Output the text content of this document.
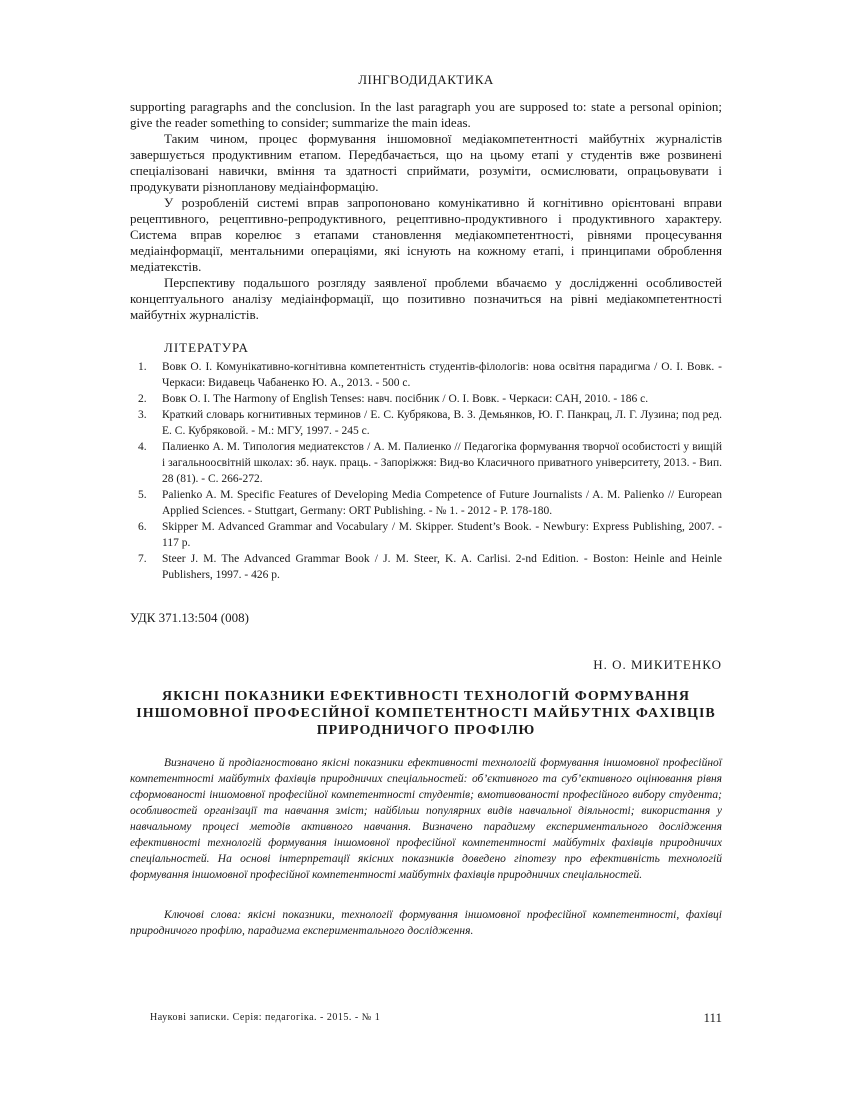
ЛІНГВОДИДАКТИКА

supporting paragraphs and the conclusion. In the last paragraph you are supposed to: state a personal opinion; give the reader something to consider; summarize the main ideas.

Таким чином, процес формування іншомовної медіакомпетентності майбутніх журналістів завершується продуктивним етапом. Передбачається, що на цьому етапі у студентів вже розвинені спеціалізовані навички, вміння та здатності сприймати, розуміти, осмислювати, опрацьовувати і продукувати різнопланову медіаінформацію.

У розробленій системі вправ запропоновано комунікативно й когнітивно орієнтовані вправи рецептивного, рецептивно-репродуктивного, рецептивно-продуктивного і продуктивного характеру. Система вправ корелює з етапами становлення медіакомпетентності, рівнями процесування медіаінформації, ментальними операціями, які існують на кожному етапі, і принципами оброблення медіатекстів.

Перспективу подальшого розгляду заявленої проблеми вбачаємо у дослідженні особливостей концептуального аналізу медіаінформації, що позитивно позначиться на рівні медіакомпетентності майбутніх журналістів.

ЛІТЕРАТУРА
1. Вовк О. І. Комунікативно-когнітивна компетентність студентів-філологів: нова освітня парадигма / О. І. Вовк. - Черкаси: Видавець Чабаненко Ю. А., 2013. - 500 с.
2. Вовк О. І. The Harmony of English Tenses: навч. посібник / О. І. Вовк. - Черкаси: САН, 2010. - 186 с.
3. Краткий словарь когнитивных терминов / Е. С. Кубрякова, В. З. Демьянков, Ю. Г. Панкрац, Л. Г. Лузина; под ред. Е. С. Кубряковой. - М.: МГУ, 1997. - 245 с.
4. Палиенко А. М. Типология медиатекстов / А. М. Палиенко // Педагогіка формування творчої особистості у вищій і загальноосвітній школах: зб. наук. праць. - Запоріжжя: Вид-во Класичного приватного університету, 2013. - Вип. 28 (81). - С. 266-272.
5. Palienko A. M. Specific Features of Developing Media Competence of Future Journalists / A. M. Palienko // European Applied Sciences. - Stuttgart, Germany: ORT Publishing. - № 1. - 2012 - P. 178-180.
6. Skipper M. Advanced Grammar and Vocabulary / M. Skipper. Student’s Book. - Newbury: Express Publishing, 2007. - 117 p.
7. Steer J. M. The Advanced Grammar Book / J. M. Steer, K. A. Carlisi. 2-nd Edition. - Boston: Heinle and Heinle Publishers, 1997. - 426 p.
УДК 371.13:504 (008)
Н. О. МИКИТЕНКО
ЯКІСНІ ПОКАЗНИКИ ЕФЕКТИВНОСТІ ТЕХНОЛОГІЙ ФОРМУВАННЯ ІНШОМОВНОЇ ПРОФЕСІЙНОЇ КОМПЕТЕНТНОСТІ МАЙБУТНІХ ФАХІВЦІВ ПРИРОДНИЧОГО ПРОФІЛЮ
Визначено й продіагностовано якісні показники ефективності технологій формування іншомовної професійної компетентності майбутніх фахівців природничих спеціальностей: об’єктивного та суб’єктивного оцінювання рівня сформованості іншомовної професійної компетентності студентів; вмотивованості професійного вибору студента; особливостей організації та навчання зміст; найбільш популярних видів навчальної діяльності; використання у навчальному процесі методів активного навчання. Визначено парадигму експериментального дослідження ефективності технологій формування іншомовної професійної компетентності майбутніх фахівців природничих спеціальностей. На основі інтерпретації якісних показників доведено гіпотезу про ефективність технологій формування іншомовної професійної компетентності майбутніх фахівців природничих спеціальностей.
Ключові слова: якісні показники, технології формування іншомовної професійної компетентності, фахівці природничого профілю, парадигма експериментального дослідження.
Наукові записки. Серія: педагогіка. - 2015. - № 1	111
